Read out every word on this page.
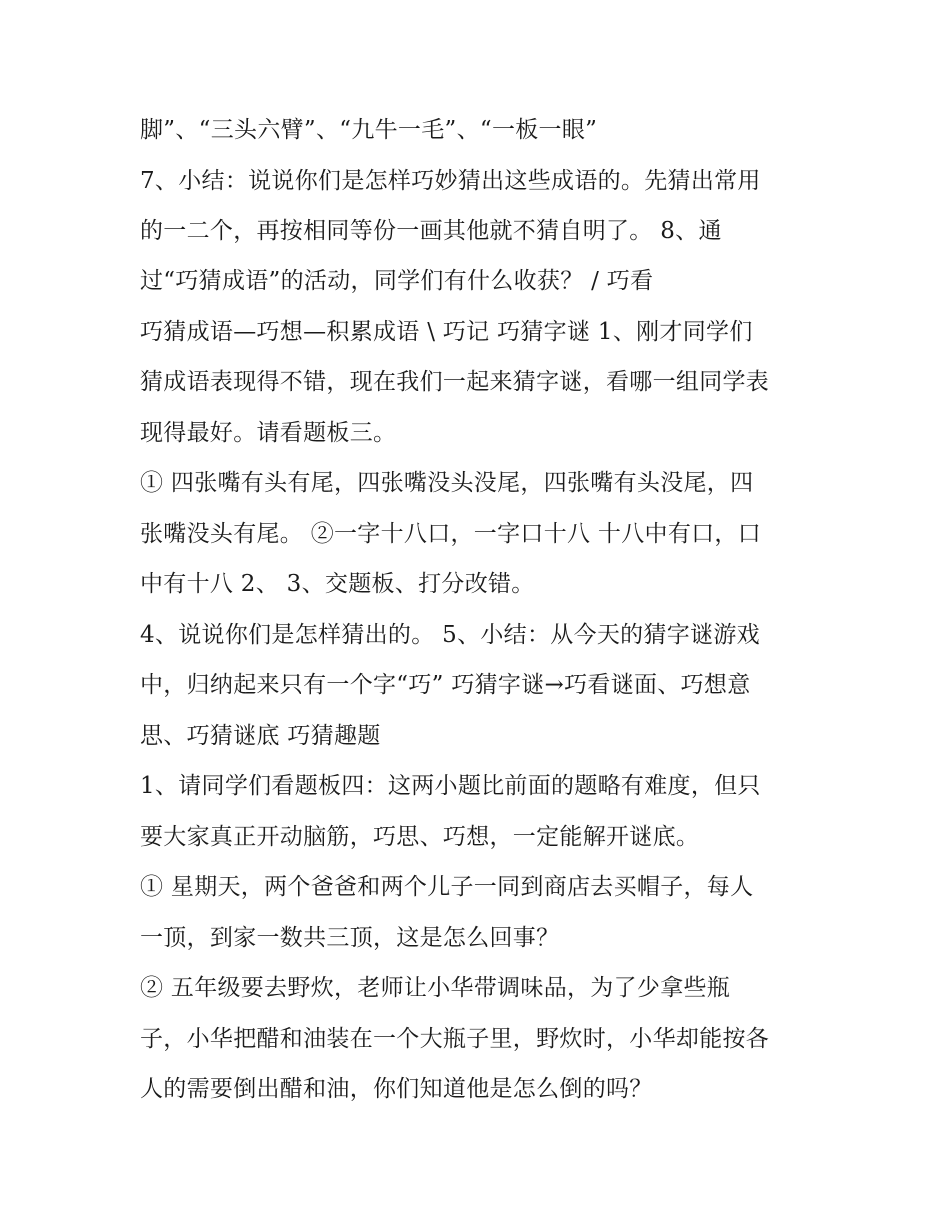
脚”、“三头六臂”、“九牛一毛”、“一板一眼”
7、小结：说说你们是怎样巧妙猜出这些成语的。先猜出常用
的一二个，再按相同等份一画其他就不猜自明了。 8、通
过“巧猜成语”的活动，同学们有什么收获？ / 巧看
巧猜成语—巧想—积累成语 \ 巧记 巧猜字谜 1、刚才同学们
猜成语表现得不错，现在我们一起来猜字谜，看哪一组同学表
现得最好。请看题板三。
① 四张嘴有头有尾，四张嘴没头没尾，四张嘴有头没尾，四
张嘴没头有尾。 ②一字十八口，一字口十八 十八中有口，口
中有十八 2、 3、交题板、打分改错。
4、说说你们是怎样猜出的。 5、小结：从今天的猜字谜游戏
中，归纳起来只有一个字“巧” 巧猜字谜→巧看谜面、巧想意
思、巧猜谜底 巧猜趣题
1、请同学们看题板四：这两小题比前面的题略有难度，但只
要大家真正开动脑筋，巧思、巧想，一定能解开谜底。
① 星期天，两个爸爸和两个儿子一同到商店去买帽子，每人
一顶，到家一数共三顶，这是怎么回事？
② 五年级要去野炊，老师让小华带调味品，为了少拿些瓶
子，小华把醋和油装在一个大瓶子里，野炊时，小华却能按各
人的需要倒出醋和油，你们知道他是怎么倒的吗？
